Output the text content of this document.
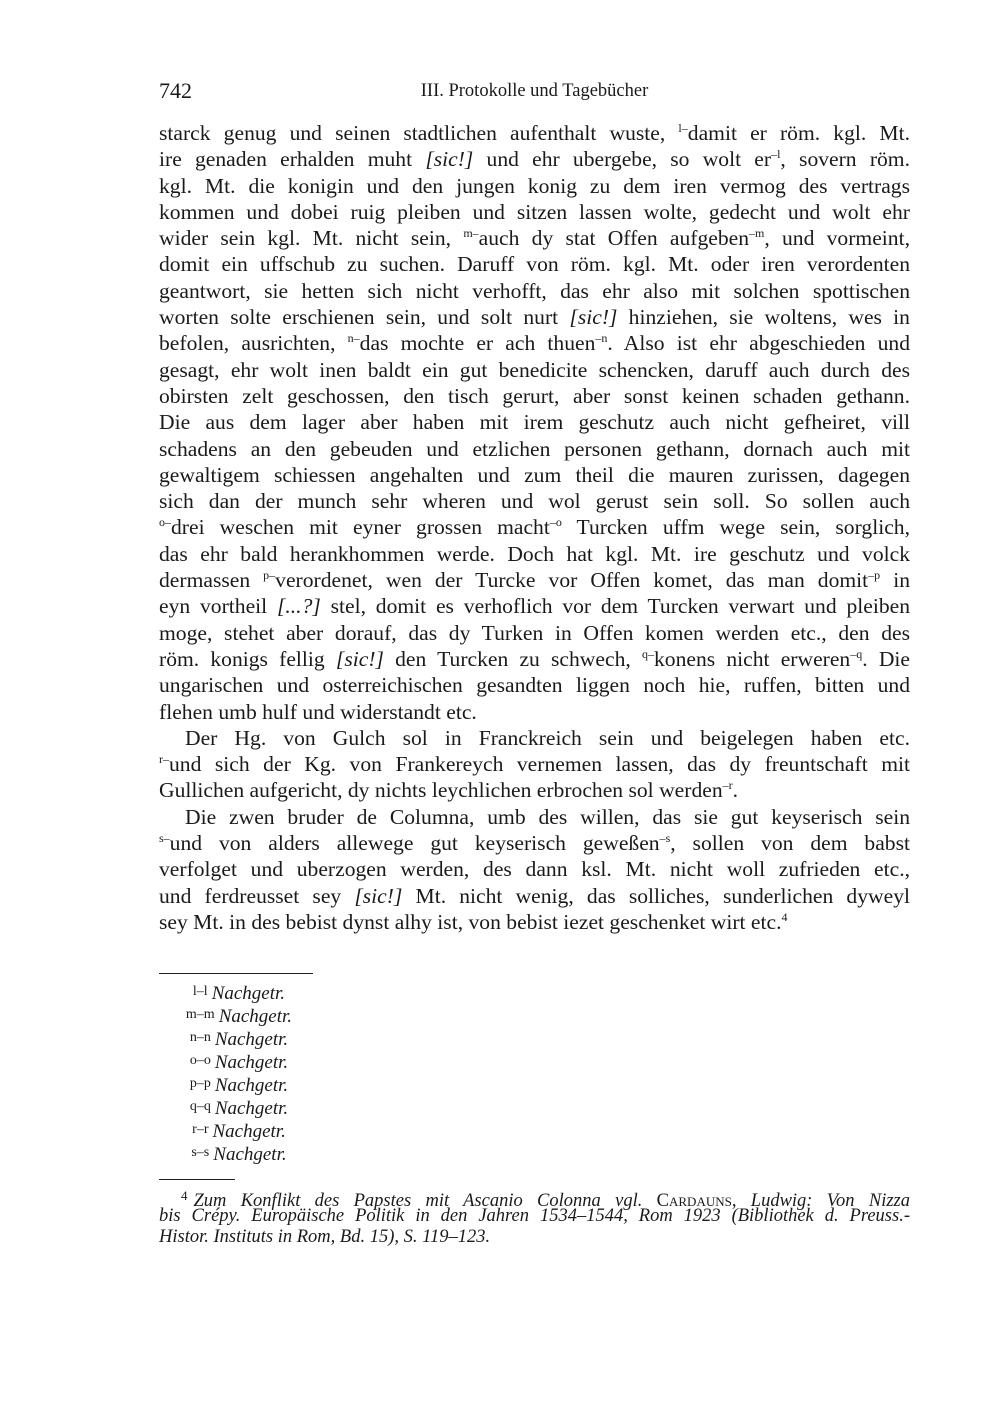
742	III. Protokolle und Tagebücher
starck genug und seinen stadtlichen aufenthalt wuste, $^{l-}$damit er röm. kgl. Mt.
ire genaden erhalden muht [sic!] und ehr ubergebe, so wolt $er^{-l}$, sovern röm.
kgl. Mt. die konigin und den jungen konig zu dem iren vermog des vertrags
kommen und dobei ruig pleiben und sitzen lassen wolte, gedecht und wolt ehr
wider sein kgl. Mt. nicht sein, $^{m-}$auch dy stat Offen aufgeben$^{-m}$, und vormeint,
domit ein uffschub zu suchen. Daruff von röm. kgl. Mt. oder iren verordenten
geantwort, sie hetten sich nicht verhofft, das ehr also mit solchen spottischen
worten solte erschienen sein, und solt nurt [sic!] hinziehen, sie woltens, wes in
befolen, ausrichten, $^{n-}$das mochte er ach thuen$^{-n}$. Also ist ehr abgeschieden und
gesagt, ehr wolt inen baldt ein gut benedicite schencken, daruff auch durch des
obirsten zelt geschossen, den tisch gerurt, aber sonst keinen schaden gethann.
Die aus dem lager aber haben mit irem geschutz auch nicht gefheiret, vill
schadens an den gebeuden und etzlichen personen gethann, dornach auch mit
gewaltigem schiessen angehalten und zum theil die mauren zurissen, dagegen
sich dan der munch sehr wheren und wol gerust sein soll. So sollen auch
$^{o-}$drei weschen mit eyner grossen macht$^{-o}$ Turcken uffm wege sein, sorglich,
das ehr bald herankhommen werde. Doch hat kgl. Mt. ire geschutz und volck
dermassen $^{p-}$verordenet, wen der Turcke vor Offen komet, das man domit$^{-p}$ in
eyn vortheil [...?] stel, domit es verhoflich vor dem Turcken verwart und pleiben
moge, stehet aber dorauf, das dy Turken in Offen komen werden etc., den des
röm. konigs fellig [sic!] den Turcken zu schwech, $^{q-}$konens nicht erweren$^{-q}$. Die
ungarischen und osterreichischen gesandten liggen noch hie, ruffen, bitten und
flehen umb hulf und widerstandt etc.
Der Hg. von Gulch sol in Franckreich sein und beigelegen haben etc.
$^{r-}$und sich der Kg. von Frankereych vernemen lassen, das dy freuntschaft mit
Gullichen aufgericht, dy nichts leychlichen erbrochen sol werden$^{-r}$.
Die zwen bruder de Columna, umb des willen, das sie gut keyserisch sein
$^{s-}$und von alders allewege gut keyserisch geweßen$^{-s}$, sollen von dem babst
verfolget und uberzogen werden, des dann ksl. Mt. nicht woll zufrieden etc.,
und ferdreusset sey [sic!] Mt. nicht wenig, das solliches, sunderlichen dyweyl
sey Mt. in des bebist dynst alhy ist, von bebist iezet geschenket wirt etc.$^4$
$^{l-l}$ Nachgetr.
$^{m-m}$ Nachgetr.
$^{n-n}$ Nachgetr.
$^{o-o}$ Nachgetr.
$^{p-p}$ Nachgetr.
$^{q-q}$ Nachgetr.
$^{r-r}$ Nachgetr.
$^{s-s}$ Nachgetr.
$^4$ Zum Konflikt des Papstes mit Ascanio Colonna vgl. Cardauns, Ludwig: Von Nizza
bis Crépy. Europäische Politik in den Jahren 1534–1544, Rom 1923 (Bibliothek d. Preuss.-
Histor. Instituts in Rom, Bd. 15), S. 119–123.
